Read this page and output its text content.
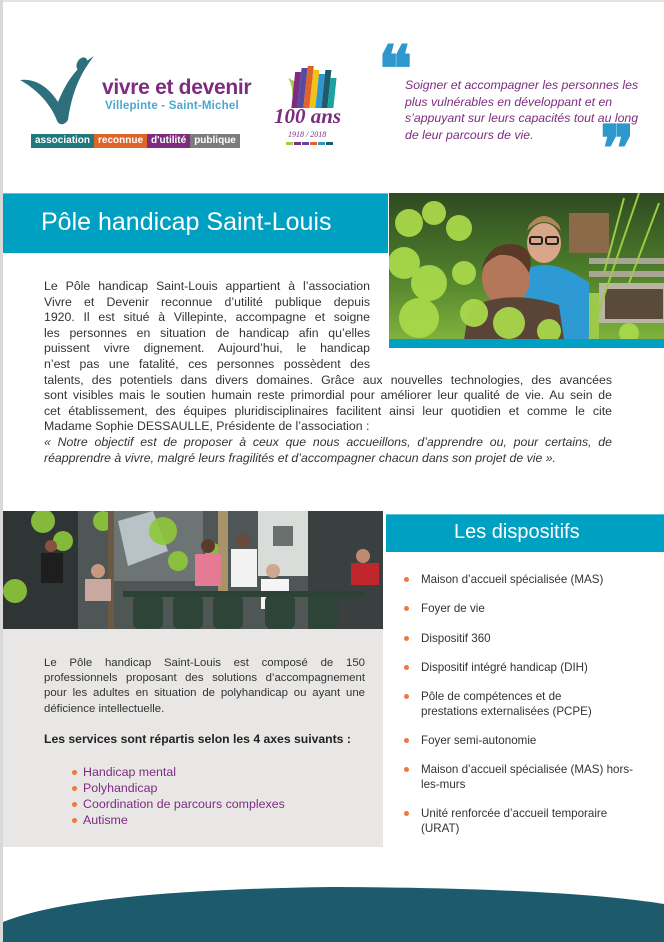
vivre et devenir
Villepinte - Saint-Michel
association reconnue d'utilité publique
100 ans
1918 / 2018
❝
Soigner et accompagner les personnes les plus vulnérables en développant et en s’appuyant sur leurs capacités tout au long de leur parcours de vie.	❞
Pôle handicap Saint-Louis
Le Pôle handicap Saint-Louis appartient à l’association
Vivre et Devenir reconnue d’utilité publique depuis
1920. Il est situé à Villepinte, accompagne et soigne
les personnes en situation de handicap afin qu’elles
puissent vivre dignement. Aujourd’hui, le handicap
n’est pas une fatalité, ces personnes possèdent des
talents, des potentiels dans divers domaines. Grâce aux nouvelles technologies, des avancées
sont visibles mais le soutien humain reste primordial pour améliorer leur qualité de vie. Au sein de
cet établissement, des équipes pluridisciplinaires facilitent ainsi leur quotidien et comme le cite
Madame Sophie DESSAULLE, Présidente de l’association :
« Notre objectif est de proposer à ceux que nous accueillons, d’apprendre ou, pour certains, de
réapprendre à vivre, malgré leurs fragilités et d’accompagner chacun dans son projet de vie ».

Le Pôle handicap Saint-Louis est composé de 150
professionnels proposant des solutions d’accompagnement
pour les adultes en situation de polyhandicap ou ayant une
déficience intellectuelle.

Les services sont répartis selon les 4 axes suivants :
Handicap mental
Polyhandicap
Coordination de parcours complexes
Autisme
Les dispositifs
Maison d’accueil spécialisée (MAS)
Foyer de vie
Dispositif 360
Dispositif intégré handicap (DIH)
Pôle de compétences et de prestations externalisées (PCPE)
Foyer semi-autonomie
Maison d’accueil spécialisée (MAS) hors-les-murs
Unité renforcée d’accueil temporaire (URAT)
